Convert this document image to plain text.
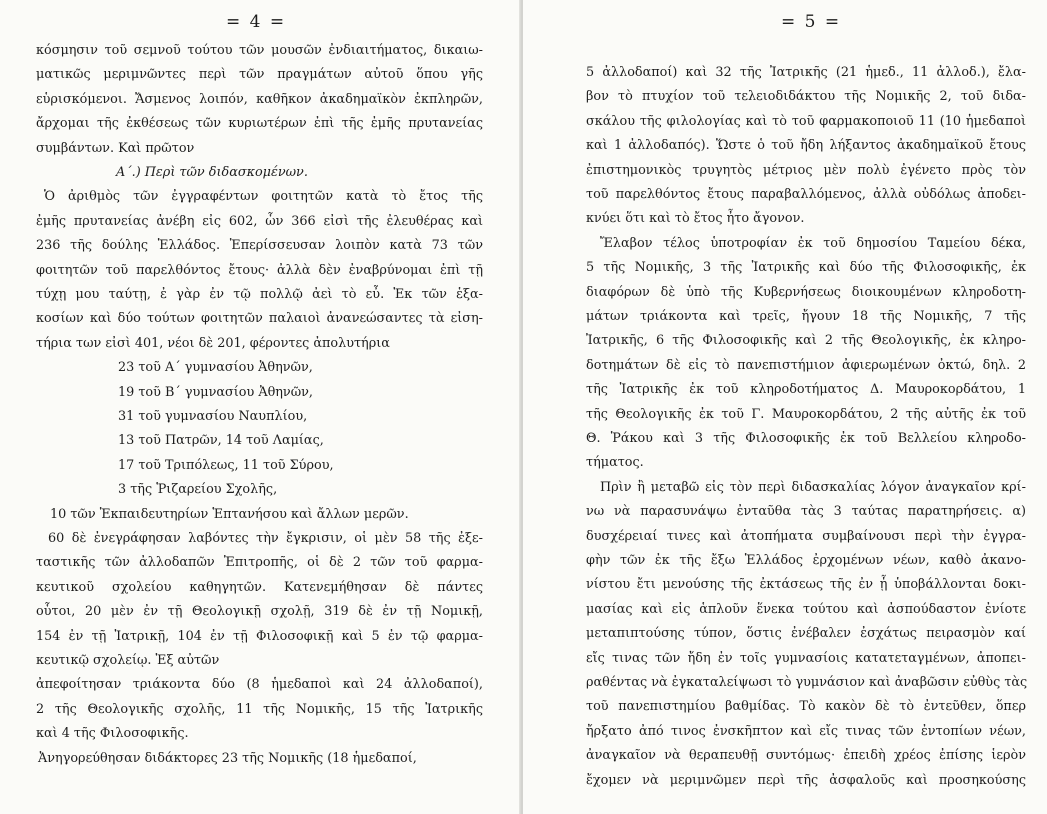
= 4 =
κόσμησιν τοῦ σεμνοῦ τούτου τῶν μουσῶν ἐνδιαιτήματος, δικαιω-
ματικῶς μεριμνῶντες περὶ τῶν πραγμάτων αὐτοῦ ὅπου γῆς
εὑρισκόμενοι. Ἄσμενος λοιπόν, καθῆκον ἀκαδημαϊκὸν ἐκπληρῶν,
ἄρχομαι τῆς ἐκθέσεως τῶν κυριωτέρων ἐπὶ τῆς ἐμῆς πρυτανείας
συμβάντων. Καὶ πρῶτον
Α΄.) Περὶ τῶν διδασκομένων.
Ὁ ἀριθμὸς τῶν ἐγγραφέντων φοιτητῶν κατὰ τὸ ἔτος τῆς
ἐμῆς πρυτανείας ἀνέβη εἰς 602, ὧν 366 εἰσὶ τῆς ἐλευθέρας καὶ
236 τῆς δούλης Ἑλλάδος. Ἐπερίσσευσαν λοιπὸν κατὰ 73 τῶν
φοιτητῶν τοῦ παρελθόντος ἔτους· ἀλλὰ δὲν ἐναβρύνομαι ἐπὶ τῇ
τύχῃ μου ταύτῃ, ἐ γὰρ ἐν τῷ πολλῷ ἀεὶ τὸ εὖ. Ἐκ τῶν ἑξα-
κοσίων καὶ δύο τούτων φοιτητῶν παλαιοὶ ἀνανεώσαντες τὰ εἰση-
τήρια των εἰσὶ 401, νέοι δὲ 201, φέροντες ἀπολυτήρια
23 τοῦ Α΄ γυμνασίου Ἀθηνῶν,
19 τοῦ Β΄ γυμνασίου Ἀθηνῶν,
31 τοῦ γυμνασίου Ναυπλίου,
13 τοῦ Πατρῶν, 14 τοῦ Λαμίας,
17 τοῦ Τριπόλεως, 11 τοῦ Σύρου,
3 τῆς Ῥιζαρείου Σχολῆς,
10 τῶν Ἐκπαιδευτηρίων Ἑπτανήσου καὶ ἄλλων μερῶν.
60 δὲ ἐνεγράφησαν λαβόντες τὴν ἔγκρισιν, οἱ μὲν 58 τῆς ἐξε-
ταστικῆς τῶν ἀλλοδαπῶν Ἐπιτροπῆς, οἱ δὲ 2 τῶν τοῦ φαρμα-
κευτικοῦ σχολείου καθηγητῶν. Κατενεμήθησαν δὲ πάντες
οὗτοι, 20 μὲν ἐν τῇ Θεολογικῇ σχολῇ, 319 δὲ ἐν τῇ Νομικῇ,
154 ἐν τῇ Ἰατρικῇ, 104 ἐν τῇ Φιλοσοφικῇ καὶ 5 ἐν τῷ φαρμα-
κευτικῷ σχολείῳ. Ἐξ αὐτῶν
ἀπεφοίτησαν τριάκοντα δύο (8 ἡμεδαποὶ καὶ 24 ἀλλοδαποί),
2 τῆς Θεολογικῆς σχολῆς, 11 τῆς Νομικῆς, 15 τῆς Ἰατρικῆς
καὶ 4 τῆς Φιλοσοφικῆς.
Ἀνηγορεύθησαν διδάκτορες 23 τῆς Νομικῆς (18 ἡμεδαποί,
= 5 =
5 ἀλλοδαποί) καὶ 32 τῆς Ἰατρικῆς (21 ἡμεδ., 11 ἀλλοδ.), ἔλα-
βον τὸ πτυχίον τοῦ τελειοδιδάκτου τῆς Νομικῆς 2, τοῦ διδα-
σκάλου τῆς φιλολογίας καὶ τὸ τοῦ φαρμακοποιοῦ 11 (10 ἡμεδαποὶ
καὶ 1 ἀλλοδαπός). Ὥστε ὁ τοῦ ἤδη λήξαντος ἀκαδημαϊκοῦ ἔτους
ἐπιστημονικὸς τρυγητὸς μέτριος μὲν πολὺ ἐγένετο πρὸς τὸν
τοῦ παρελθόντος ἔτους παραβαλλόμενος, ἀλλὰ οὐδόλως ἀποδει-
κνύει ὅτι καὶ τὸ ἔτος ἦτο ἄγονον.
Ἔλαβον τέλος ὑποτροφίαν ἐκ τοῦ δημοσίου Ταμείου δέκα,
5 τῆς Νομικῆς, 3 τῆς Ἰατρικῆς καὶ δύο τῆς Φιλοσοφικῆς, ἐκ
διαφόρων δὲ ὑπὸ τῆς Κυβερνήσεως διοικουμένων κληροδοτη-
μάτων τριάκοντα καὶ τρεῖς, ἤγουν 18 τῆς Νομικῆς, 7 τῆς
Ἰατρικῆς, 6 τῆς Φιλοσοφικῆς καὶ 2 τῆς Θεολογικῆς, ἐκ κληρο-
δοτημάτων δὲ εἰς τὸ πανεπιστήμιον ἀφιερωμένων ὀκτώ, δηλ. 2
τῆς Ἰατρικῆς ἐκ τοῦ κληροδοτήματος Δ. Μαυροκορδάτου, 1
τῆς Θεολογικῆς ἐκ τοῦ Γ. Μαυροκορδάτου, 2 τῆς αὐτῆς ἐκ τοῦ
Θ. Ῥάκου καὶ 3 τῆς Φιλοσοφικῆς ἐκ τοῦ Βελλείου κληροδο-
τήματος.
Πρὶν ἢ μεταβῶ εἰς τὸν περὶ διδασκαλίας λόγον ἀναγκαῖον κρί-
νω νὰ παρασυνάψω ἐνταῦθα τὰς 3 ταύτας παρατηρήσεις. α)
δυσχέρειαί τινες καὶ ἀτοπήματα συμβαίνουσι περὶ τὴν ἐγγρα-
φὴν τῶν ἐκ τῆς ἔξω Ἑλλάδος ἐρχομένων νέων, καθὸ ἀκανο-
νίστου ἔτι μενούσης τῆς ἐκτάσεως τῆς ἐν ᾗ ὑποβάλλονται δοκι-
μασίας καὶ εἰς ἁπλοῦν ἕνεκα τούτου καὶ ἀσπούδαστον ἐνίοτε
μεταπιπτούσης τύπον, ὅστις ἐνέβαλεν ἐσχάτως πειρασμὸν καί
εἴς τινας τῶν ἤδη ἐν τοῖς γυμνασίοις κατατεταγμένων, ἀποπει-
ραθέντας νὰ ἐγκαταλείψωσι τὸ γυμνάσιον καὶ ἀναβῶσιν εὐθὺς τὰς
τοῦ πανεπιστημίου βαθμίδας. Τὸ κακὸν δὲ τὸ ἐντεῦθεν, ὅπερ
ἤρξατο ἀπό τινος ἐνσκῆπτον καὶ εἴς τινας τῶν ἐντοπίων νέων,
ἀναγκαῖον νὰ θεραπευθῇ συντόμως· ἐπειδὴ χρέος ἐπίσης ἱερὸν
ἔχομεν νὰ μεριμνῶμεν περὶ τῆς ἀσφαλοῦς καὶ προσηκούσης
